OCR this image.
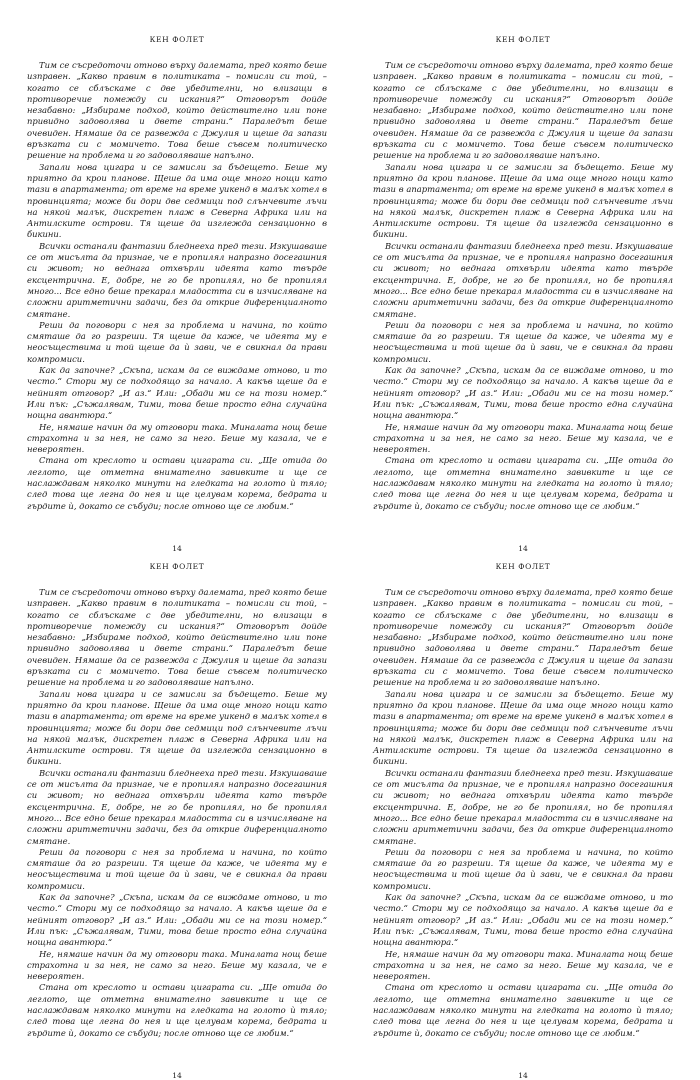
КЕН ФОЛЕТ

Тим се съсредоточи отново върху далемата, пред която беше изправен. „Какво правим в политиката – помисли си той, – когато се сблъскаме с две убедителни, но влизащи в противоречие помежду си искания?“ Отговорът дойде незабавно: „Избираме подход, който действително или поне привидно задоволява и двете страни.“ Параледът беше очевиден. Нямаше да се развежда с Джулия и щеше да запази връзката си с момичето. Това беше съвсем политическо решение на проблема и го задоволяваше напълно.

Запали нова цигара и се замисли за бъдещето. Беше му приятно да крои планове. Щеше да има още много нощи като тази в апартамента; от време на време уикенд в малък хотел в провинцията; може би дори две седмици под слънчевите лъчи на някой малък, дискретен плаж в Северна Африка или на Антилските острови. Тя щеше да изглежда сензационно в бикини.

Всички останали фантазии бледнееха пред тези. Изкушаваше се от мисълта да признае, че е пропилял напразно досегашния си живот; но веднага отхвърли идеята като твърде ексцентрична. Е, добре, не го бе пропилял, но бе пропилял много... Все едно беше прекарал младостта си в изчисляване на сложни аритметични задачи, без да открие диференциалното смятане.

Реши да поговори с нея за проблема и начина, по който смяташе да го разреши. Тя щеше да каже, че идеята му е неосъществима и той щеше да ѝ зави, че е свикнал да прави компромиси.

Как да започне? „Скъпа, искам да се виждаме отново, и то често.“ Стори му се подходящо за начало. А какъв щеше да е нейният отговор? „И аз.“ Или: „Обади ми се на този номер.“ Или пък: „Съжалявам, Тими, това беше просто една случайна нощна авантюра.“

Не, нямаше начин да му отговори така. Миналата нощ беше страхотна и за нея, не само за него. Беше му казала, че е невероятен.

Стана от креслото и остави цигарата си. „Ще отида до леглото, ще отметна внимателно завивките и ще се наслаждавам няколко минути на гледката на голото ѝ тяло; след това ще легна до нея и ще целувам корема, бедрата и гърдите ѝ, докато се събуди; после отново ще се любим.“

14
КЕН ФОЛЕТ

Тим се съсредоточи отново върху далемата, пред която беше изправен. „Какво правим в политиката – помисли си той, – когато се сблъскаме с две убедителни, но влизащи в противоречие помежду си искания?“ Отговорът дойде незабавно: „Избираме подход, който действително или поне привидно задоволява и двете страни.“ Параледът беше очевиден. Нямаше да се развежда с Джулия и щеше да запази връзката си с момичето. Това беше съвсем политическо решение на проблема и го задоволяваше напълно.

Запали нова цигара и се замисли за бъдещето. Беше му приятно да крои планове. Щеше да има още много нощи като тази в апартамента; от време на време уикенд в малък хотел в провинцията; може би дори две седмици под слънчевите лъчи на някой малък, дискретен плаж в Северна Африка или на Антилските острови. Тя щеше да изглежда сензационно в бикини.

Всички останали фантазии бледнееха пред тези. Изкушаваше се от мисълта да признае, че е пропилял напразно досегашния си живот; но веднага отхвърли идеята като твърде ексцентрична. Е, добре, не го бе пропилял, но бе пропилял много... Все едно беше прекарал младостта си в изчисляване на сложни аритметични задачи, без да открие диференциалното смятане.

Реши да поговори с нея за проблема и начина, по който смяташе да го разреши. Тя щеше да каже, че идеята му е неосъществима и той щеше да ѝ зави, че е свикнал да прави компромиси.

Как да започне? „Скъпа, искам да се виждаме отново, и то често.“ Стори му се подходящо за начало. А какъв щеше да е нейният отговор? „И аз.“ Или: „Обади ми се на този номер.“ Или пък: „Съжалявам, Тими, това беше просто една случайна нощна авантюра.“

Не, нямаше начин да му отговори така. Миналата нощ беше страхотна и за нея, не само за него. Беше му казала, че е невероятен.

Стана от креслото и остави цигарата си. „Ще отида до леглото, ще отметна внимателно завивките и ще се наслаждавам няколко минути на гледката на голото ѝ тяло; след това ще легна до нея и ще целувам корема, бедрата и гърдите ѝ, докато се събуди; после отново ще се любим.“

14
КЕН ФОЛЕТ

Тим се съсредоточи отново върху далемата, пред която беше изправен. „Какво правим в политиката – помисли си той, – когато се сблъскаме с две убедителни, но влизащи в противоречие помежду си искания?“ Отговорът дойде незабавно: „Избираме подход, който действително или поне привидно задоволява и двете страни.“ Параледът беше очевиден. Нямаше да се развежда с Джулия и щеше да запази връзката си с момичето. Това беше съвсем политическо решение на проблема и го задоволяваше напълно.

Запали нова цигара и се замисли за бъдещето. Беше му приятно да крои планове. Щеше да има още много нощи като тази в апартамента; от време на време уикенд в малък хотел в провинцията; може би дори две седмици под слънчевите лъчи на някой малък, дискретен плаж в Северна Африка или на Антилските острови. Тя щеше да изглежда сензационно в бикини.

Всички останали фантазии бледнееха пред тези. Изкушаваше се от мисълта да признае, че е пропилял напразно досегашния си живот; но веднага отхвърли идеята като твърде ексцентрична. Е, добре, не го бе пропилял, но бе пропилял много... Все едно беше прекарал младостта си в изчисляване на сложни аритметични задачи, без да открие диференциалното смятане.

Реши да поговори с нея за проблема и начина, по който смяташе да го разреши. Тя щеше да каже, че идеята му е неосъществима и той щеше да ѝ зави, че е свикнал да прави компромиси.

Как да започне? „Скъпа, искам да се виждаме отново, и то често.“ Стори му се подходящо за начало. А какъв щеше да е нейният отговор? „И аз.“ Или: „Обади ми се на този номер.“ Или пък: „Съжалявам, Тими, това беше просто една случайна нощна авантюра.“

Не, нямаше начин да му отговори така. Миналата нощ беше страхотна и за нея, не само за него. Беше му казала, че е невероятен.

Стана от креслото и остави цигарата си. „Ще отида до леглото, ще отметна внимателно завивките и ще се наслаждавам няколко минути на гледката на голото ѝ тяло; след това ще легна до нея и ще целувам корема, бедрата и гърдите ѝ, докато се събуди; после отново ще се любим.“

14
КЕН ФОЛЕТ

Тим се съсредоточи отново върху далемата, пред която беше изправен. „Какво правим в политиката – помисли си той, – когато се сблъскаме с две убедителни, но влизащи в противоречие помежду си искания?“ Отговорът дойде незабавно: „Избираме подход, който действително или поне привидно задоволява и двете страни.“ Параледът беше очевиден. Нямаше да се развежда с Джулия и щеше да запази връзката си с момичето. Това беше съвсем политическо решение на проблема и го задоволяваше напълно.

Запали нова цигара и се замисли за бъдещето. Беше му приятно да крои планове. Щеше да има още много нощи като тази в апартамента; от време на време уикенд в малък хотел в провинцията; може би дори две седмици под слънчевите лъчи на някой малък, дискретен плаж в Северна Африка или на Антилските острови. Тя щеше да изглежда сензационно в бикини.

Всички останали фантазии бледнееха пред тези. Изкушаваше се от мисълта да признае, че е пропилял напразно досегашния си живот; но веднага отхвърли идеята като твърде ексцентрична. Е, добре, не го бе пропилял, но бе пропилял много... Все едно беше прекарал младостта си в изчисляване на сложни аритметични задачи, без да открие диференциалното смятане.

Реши да поговори с нея за проблема и начина, по който смяташе да го разреши. Тя щеше да каже, че идеята му е неосъществима и той щеше да ѝ зави, че е свикнал да прави компромиси.

Как да започне? „Скъпа, искам да се виждаме отново, и то често.“ Стори му се подходящо за начало. А какъв щеше да е нейният отговор? „И аз.“ Или: „Обади ми се на този номер.“ Или пък: „Съжалявам, Тими, това беше просто една случайна нощна авантюра.“

Не, нямаше начин да му отговори така. Миналата нощ беше страхотна и за нея, не само за него. Беше му казала, че е невероятен.

Стана от креслото и остави цигарата си. „Ще отида до леглото, ще отметна внимателно завивките и ще се наслаждавам няколко минути на гледката на голото ѝ тяло; след това ще легна до нея и ще целувам корема, бедрата и гърдите ѝ, докато се събуди; после отново ще се любим.“

14
